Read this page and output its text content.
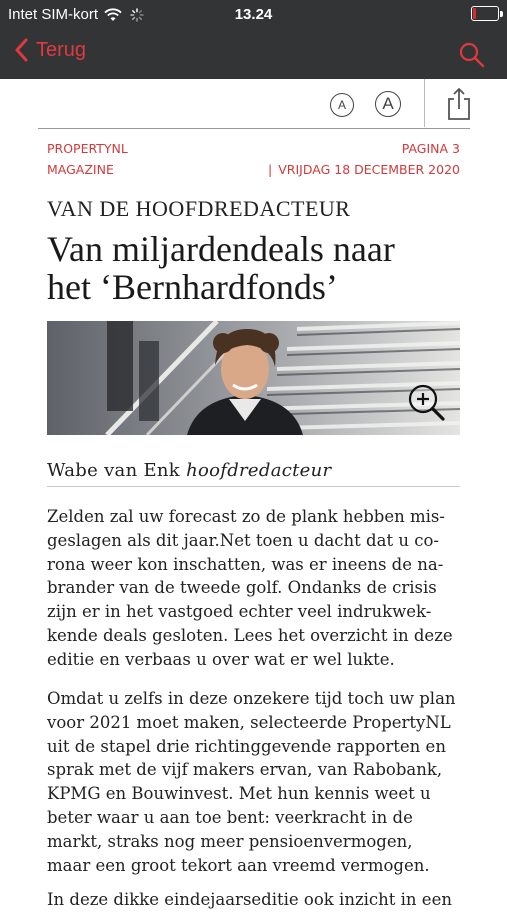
Intet SIM-kort	13.24
Terug
A	A
PROPERTYNL
MAGAZINE
PAGINA 3
| VRIJDAG 18 DECEMBER 2020
VAN DE HOOFDREDACTEUR
Van miljardendeals naar
het ‘Bernhardfonds’
Wabe van Enk hoofdredacteur

Zelden zal uw forecast zo de plank hebben mis-
geslagen als dit jaar.Net toen u dacht dat u co-
rona weer kon inschatten, was er ineens de na-
brander van de tweede golf. Ondanks de crisis
zijn er in het vastgoed echter veel indrukwek-
kende deals gesloten. Lees het overzicht in deze
editie en verbaas u over wat er wel lukte.

Omdat u zelfs in deze onzekere tijd toch uw plan
voor 2021 moet maken, selecteerde PropertyNL
uit de stapel drie richtinggevende rapporten en
sprak met de vijf makers ervan, van Rabobank,
KPMG en Bouwinvest. Met hun kennis weet u
beter waar u aan toe bent: veerkracht in de
markt, straks nog meer pensioenvermogen,
maar een groot tekort aan vreemd vermogen.

In deze dikke eindejaarseditie ook inzicht in een
